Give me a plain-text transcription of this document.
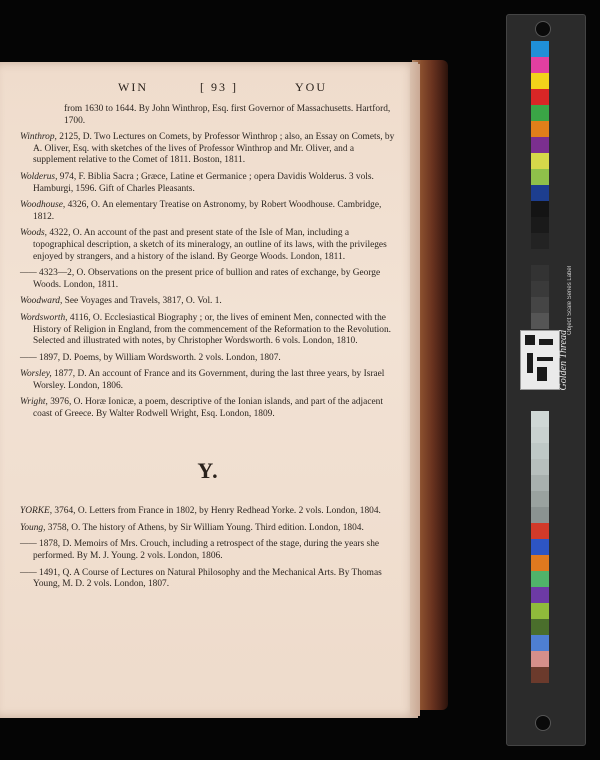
WIN	[ 93 ]	YOU
from 1630 to 1644. By John Winthrop, Esq. first Governor of Massachusetts. Hartford, 1700.
Winthrop, 2125, D. Two Lectures on Comets, by Professor Winthrop ; also, an Essay on Comets, by A. Oliver, Esq. with sketches of the lives of Professor Winthrop and Mr. Oliver, and a supplement relative to the Comet of 1811. Boston, 1811.
Wolderus, 974, F. Biblia Sacra ; Græce, Latine et Germanice ; opera Davidis Wolderus. 3 vols. Hamburgi, 1596. Gift of Charles Pleasants.
Woodhouse, 4326, O. An elementary Treatise on Astronomy, by Robert Woodhouse. Cambridge, 1812.
Woods, 4322, O. An account of the past and present state of the Isle of Man, including a topographical description, a sketch of its mineralogy, an outline of its laws, with the privileges enjoyed by strangers, and a history of the island. By George Woods. London, 1811.
—— 4323—2, O. Observations on the present price of bullion and rates of exchange, by George Woods. London, 1811.
Woodward, See Voyages and Travels, 3817, O. Vol. 1.
Wordsworth, 4116, O. Ecclesiastical Biography ; or, the lives of eminent Men, connected with the History of Religion in England, from the commencement of the Reformation to the Revolution. Selected and illustrated with notes, by Christopher Wordsworth. 6 vols. London, 1810.
—— 1897, D. Poems, by William Wordsworth. 2 vols. London, 1807.
Worsley, 1877, D. An account of France and its Government, during the last three years, by Israel Worsley. London, 1806.
Wright, 3976, O. Horæ Ionicæ, a poem, descriptive of the Ionian islands, and part of the adjacent coast of Greece. By Walter Rodwell Wright, Esq. London, 1809.
Y.
YORKE, 3764, O. Letters from France in 1802, by Henry Redhead Yorke. 2 vols. London, 1804.
Young, 3758, O. The history of Athens, by Sir William Young. Third edition. London, 1804.
—— 1878, D. Memoirs of Mrs. Crouch, including a retrospect of the stage, during the years she performed. By M. J. Young. 2 vols. London, 1806.
—— 1491, Q. A Course of Lectures on Natural Philosophy and the Mechanical Arts. By Thomas Young, M. D. 2 vols. London, 1807.
Object Scale Series Label
Golden Thread
